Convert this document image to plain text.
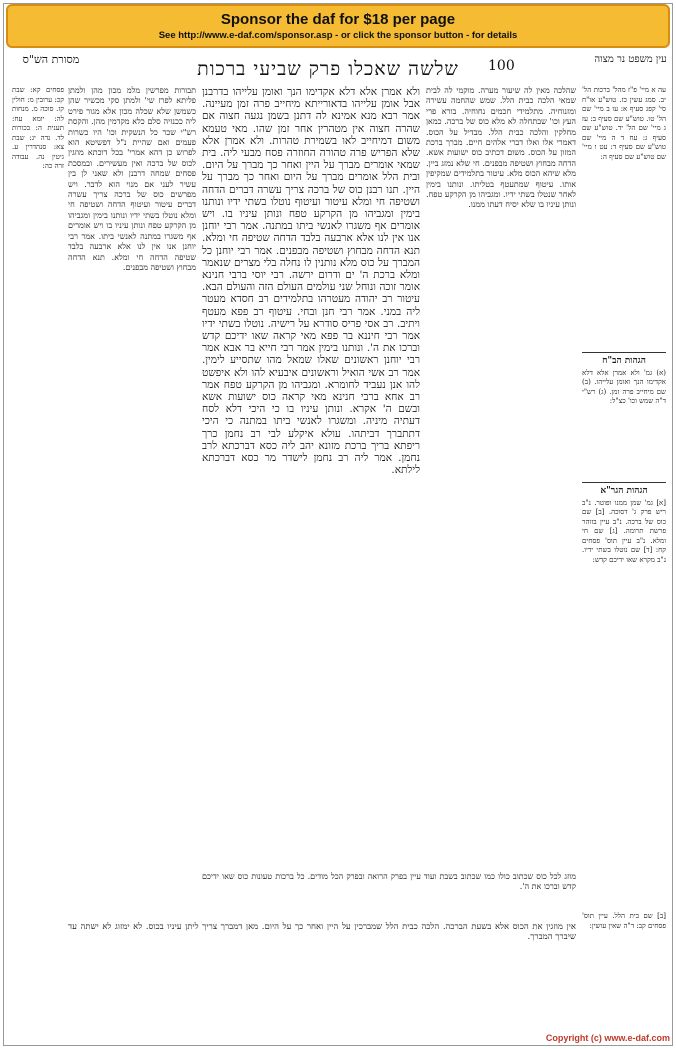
Sponsor the daf for $18 per page
See http://www.e-daf.com/sponsor.asp - or click the sponsor button - for details
מסורת הש"ס	שלשה שאכלו פרק שביעי ברכות	100	עין משפט נר מצוה

פסחים קא: שבת קכ: ערובין מ: חולין קז. סוכה מ. מנחות לה: יומא עח: תענית ה: בכורות לד. נדה יג: שבת צא: סנהדרין ע. גיטין נה. עבודה זרה כה:

תבורות מפרשין מלמ מכון מהן ולמתן פליתא לפרז שי' ולמתן סקי מכשיר שהן כשמשן שלא שכלה מכון אלא מגור פירט ליה ככנזיה סלם כלא מקדמין מהן. והקסת רש"י שכר כל הנשקית וכו' היו כשרות פעמים ואם שהיית נ"ל דפשיטא הוא לפרוש כן דהא אמרי' בכל דוכתא מוזגין לכוס של ברכה ואין מעשירים. ובמסכת פסחים שמחה דרבנן ולא שאני לן בין עשיר לעני אם מנוי הוא לדבר. ויש מפרשים כוס של ברכה צריך עשרה דברים עיטור ועיטוף הדחה ושטיפה חי ומלא נוטלו בשתי ידיו ונותנו בימין ומגביהו מן הקרקע טפח ונותן עיניו בו ויש אומרים אף משגרו במתנה לאנשי ביתו. אמר רבי יוחנן אנו אין לנו אלא ארבעה בלבד שטיפה הדחה חי ומלא. תנא הדחה מבחוץ ושטיפה מבפנים.

ולא אמרן אלא דלא אקדימו הנך ואומן עלייהו בדרבנן אבל אומן עלייהו בדאורייתא מיחייב פרה זמן מעיינה. אמר רבא מנא אמינא לה דתנן בשמן נגעה חצוה אם שהרה חצוה אין מטהרין אחר זמן שהו. מאי טעמא משום דמיחייב לאו בשמירת טהרות. ולא אמרן אלא שלא הפריש פרה טהורה החוזרה פסח מבעי ליה. בית שמאי אומרים מברך על היין ואחר כך מברך על היום. ובית הלל אומרים מברך על היום ואחר כך מברך על היין. תנו רבנן כוס של ברכה צריך עשרה דברים הדחה ושטיפה חי ומלא עיטור ועיטוף נוטלו בשתי ידיו ונותנו בימין ומגביהו מן הקרקע טפח ונותן עיניו בו. ויש אומרים אף משגרו לאנשי ביתו במתנה. אמר רבי יוחנן אנו אין לנו אלא ארבעה בלבד הדחה שטיפה חי ומלא. תנא הדחה מבחוץ ושטיפה מבפנים. אמר רבי יוחנן כל המברך על כוס מלא נותנין לו נחלה בלי מצרים שנאמר ומלא ברכת ה' ים ודרום ירשה. רבי יוסי ברבי חנינא אומר זוכה ונוחל שני עולמים העולם הזה והעולם הבא. עיטור רב יהודה מעטרהו בתלמידים רב חסדא מעטר ליה במני. אמר רבי חנן ובחי. עיטוף רב פפא מעטף ויתיב. רב אסי פריס סודרא על רישיה. נוטלו בשתי ידיו אמר רבי חיננא בר פפא מאי קראה שאו ידיכם קדש וברכו את ה'. ונותנו בימין אמר רבי חייא בר אבא אמר רבי יוחנן ראשונים שאלו שמאל מהו שתסייע לימין. אמר רב אשי הואיל וראשונים איבעיא להו ולא איפשט להו אנן נעביד לחומרא. ומגביהו מן הקרקע טפח אמר רב אחא ברבי חנינא מאי קראה כוס ישועות אשא ובשם ה' אקרא. ונותן עיניו בו כי היכי דלא לסח דעתיה מיניה. ומשגרו לאנשי ביתו במתנה כי היכי דתתברך דביתהו. עולא איקלע לבי רב נחמן כרך ריפתא בריך ברכת מזונא יהב ליה כסא דברכתא לרב נחמן. אמר ליה רב נחמן לישדר מר כסא דברכתא לילתא.

שהלכה מאין לה שיעור מערה. מוקמי לה לבית שמאי הלכה כבית הלל. שמש שהחמה עשירה ומזנוחיה. מתלמידי חכמים נחוחיה. בורא פרי העץ וכו' שבתחלה לא מלא כוס של ברכה. כמאן מחלקין והלכה כבית הלל. מבדיל על הכוס. דאמרי אלו ואלו דברי אלהים חיים. מברך ברכת המזון על הכוס. משום דכתיב כוס ישועות אשא. הדחה מבחוץ ושטיפה מבפנים. חי שלא נמזג ביין. מלא שיהא הכוס מלא. עיטור בתלמידים שמקיפין אותו. עיטוף שמתעטף בטליתו. ונותנו בימין לאחר שנטלו בשתי ידיו. ומגביהו מן הקרקע טפח. ונותן עיניו בו שלא יסיח דעתו ממנו.

עה א מיי' פ"ז מהל' ברכות הל' יב. סמג עשין כז. טוש"ע או"ח סי' קפג סעיף א: עו ב מיי' שם הל' טו. טוש"ע שם סעיף ב: עז ג מיי' שם הל' יד. טוש"ע שם סעיף ג: עח ד ה מיי' שם טוש"ע שם סעיף ד: עט ו מיי' שם טוש"ע שם סעיף ה:

הגהות הב"ח

(א) גמ' ולא אמרן אלא דלא אקדימו הנך ואומן עלייהו. (ב) שם מיחייב פרה זמן. (ג) רש"י ד"ה שמש וכו' כצ"ל:

הגהות הגר"א

[א] גמ' שמן ממנו ופוטר. נ"ב ריש פרק ג' דסוכה. [ב] שם כוס של ברכה. נ"ב עיין בזוהר פרשת תרומה. [ג] שם חי ומלא. נ"ב עיין תוס' פסחים קח: [ד] שם נוטלו בשתי ידיו. נ"ב מקרא שאו ידיכם קדש:

מוזג לכל כוס שכתוב כולו כמו שכתוב בשבת ועוד עיין בפרק הרואה ובפרק הכל מודים. כל ברכות טעונות כוס שאו ידיכם קדש וברכו את ה'.

אין מוזגין את הכוס אלא בשעת הברכה. הלכה כבית הלל שמברכין על היין ואחר כך על היום. מאן דמברך צריך ליתן עיניו בכוס. לא ימזוג לא ישתה עד שיברך המברך.

[ב] שם בית הלל. עיין תוס' פסחים קב: ד"ה שאין עושין:

Copyright (c) www.e-daf.com
